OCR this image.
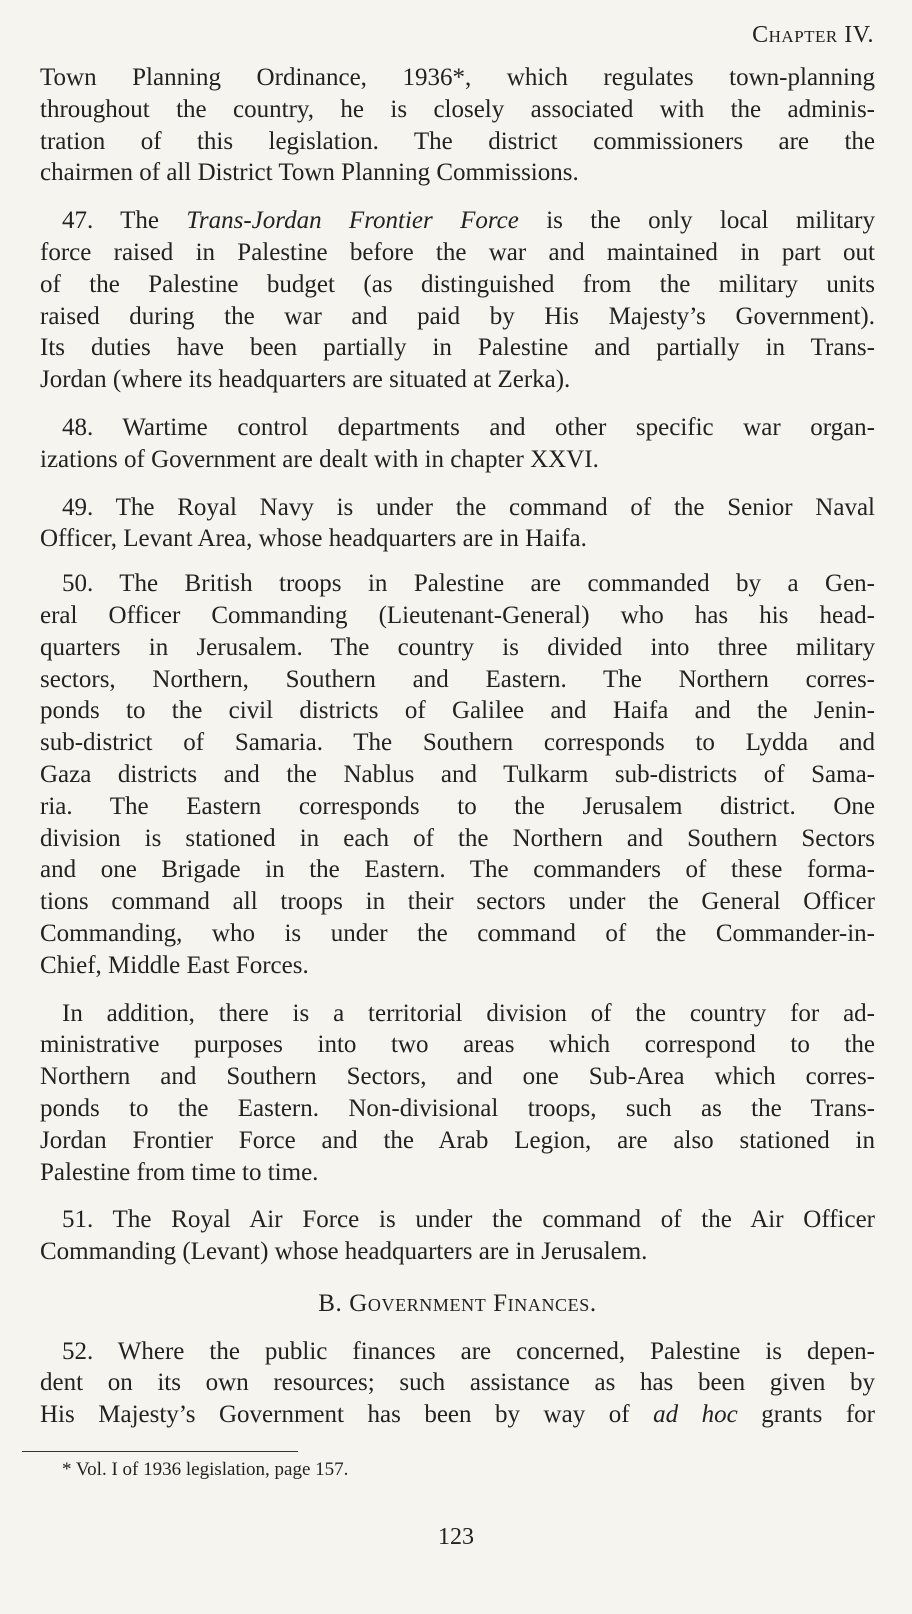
Chapter IV.
Town Planning Ordinance, 1936*, which regulates town-planning
throughout the country, he is closely associated with the adminis-
tration of this legislation. The district commissioners are the
chairmen of all District Town Planning Commissions.
47. The Trans-Jordan Frontier Force is the only local military
force raised in Palestine before the war and maintained in part out
of the Palestine budget (as distinguished from the military units
raised during the war and paid by His Majesty’s Government).
Its duties have been partially in Palestine and partially in Trans-
Jordan (where its headquarters are situated at Zerka).
48. Wartime control departments and other specific war organ-
izations of Government are dealt with in chapter XXVI.
49. The Royal Navy is under the command of the Senior Naval
Officer, Levant Area, whose headquarters are in Haifa.
50. The British troops in Palestine are commanded by a Gen-
eral Officer Commanding (Lieutenant-General) who has his head-
quarters in Jerusalem. The country is divided into three military
sectors, Northern, Southern and Eastern. The Northern corres-
ponds to the civil districts of Galilee and Haifa and the Jenin-
sub-district of Samaria. The Southern corresponds to Lydda and
Gaza districts and the Nablus and Tulkarm sub-districts of Sama-
ria. The Eastern corresponds to the Jerusalem district. One
division is stationed in each of the Northern and Southern Sectors
and one Brigade in the Eastern. The commanders of these forma-
tions command all troops in their sectors under the General Officer
Commanding, who is under the command of the Commander-in-
Chief, Middle East Forces.
In addition, there is a territorial division of the country for ad-
ministrative purposes into two areas which correspond to the
Northern and Southern Sectors, and one Sub-Area which corres-
ponds to the Eastern. Non-divisional troops, such as the Trans-
Jordan Frontier Force and the Arab Legion, are also stationed in
Palestine from time to time.
51. The Royal Air Force is under the command of the Air Officer
Commanding (Levant) whose headquarters are in Jerusalem.
B. Government Finances.
52. Where the public finances are concerned, Palestine is depen-
dent on its own resources; such assistance as has been given by
His Majesty’s Government has been by way of ad hoc grants for
* Vol. I of 1936 legislation, page 157.
123
